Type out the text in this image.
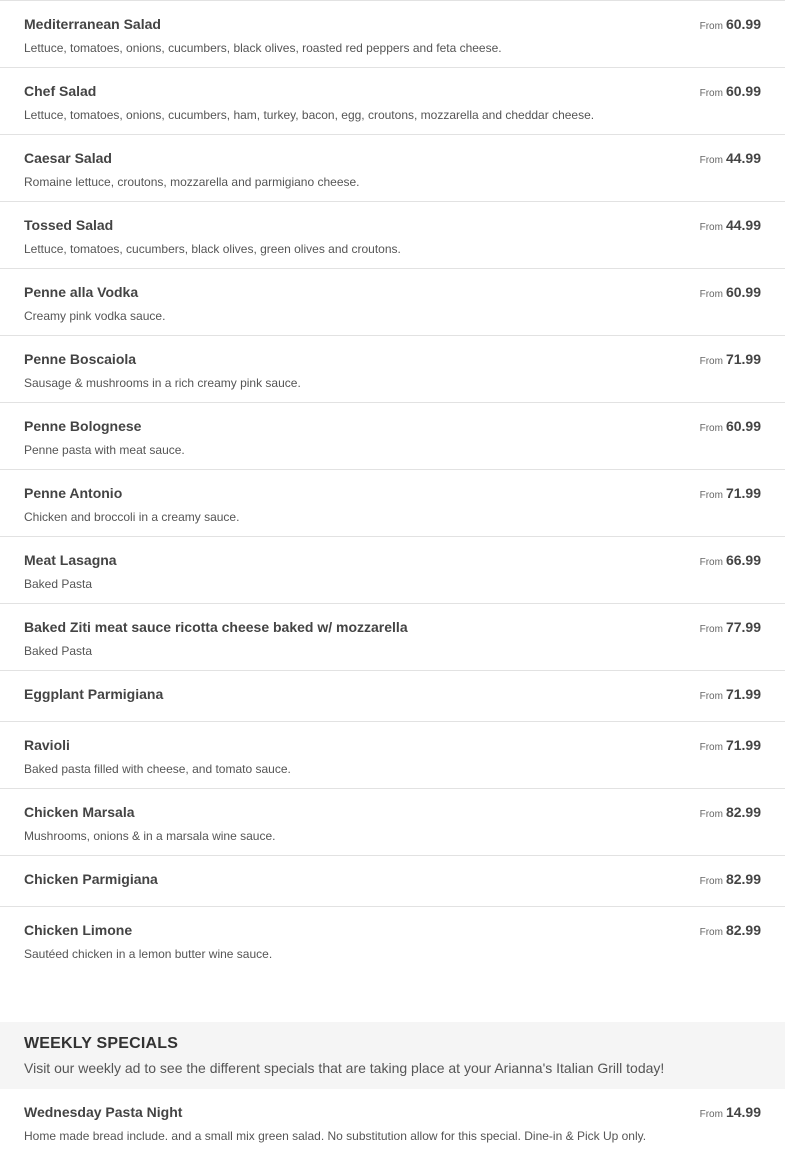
Mediterranean Salad
Lettuce, tomatoes, onions, cucumbers, black olives, roasted red peppers and feta cheese.
From 60.99
Chef Salad
Lettuce, tomatoes, onions, cucumbers, ham, turkey, bacon, egg, croutons, mozzarella and cheddar cheese.
From 60.99
Caesar Salad
Romaine lettuce, croutons, mozzarella and parmigiano cheese.
From 44.99
Tossed Salad
Lettuce, tomatoes, cucumbers, black olives, green olives and croutons.
From 44.99
Penne alla Vodka
Creamy pink vodka sauce.
From 60.99
Penne Boscaiola
Sausage & mushrooms in a rich creamy pink sauce.
From 71.99
Penne Bolognese
Penne pasta with meat sauce.
From 60.99
Penne Antonio
Chicken and broccoli in a creamy sauce.
From 71.99
Meat Lasagna
Baked Pasta
From 66.99
Baked Ziti meat sauce ricotta cheese baked w/ mozzarella
Baked Pasta
From 77.99
Eggplant Parmigiana	From 71.99
Ravioli
Baked pasta filled with cheese, and tomato sauce.
From 71.99
Chicken Marsala
Mushrooms, onions & in a marsala wine sauce.
From 82.99
Chicken Parmigiana	From 82.99
Chicken Limone
Sautéed chicken in a lemon butter wine sauce.
From 82.99
WEEKLY SPECIALS
Visit our weekly ad to see the different specials that are taking place at your Arianna's Italian Grill today!
Wednesday Pasta Night
Home made bread include. and a small mix green salad. No substitution allow for this special. Dine-in & Pick Up only.
From 14.99
